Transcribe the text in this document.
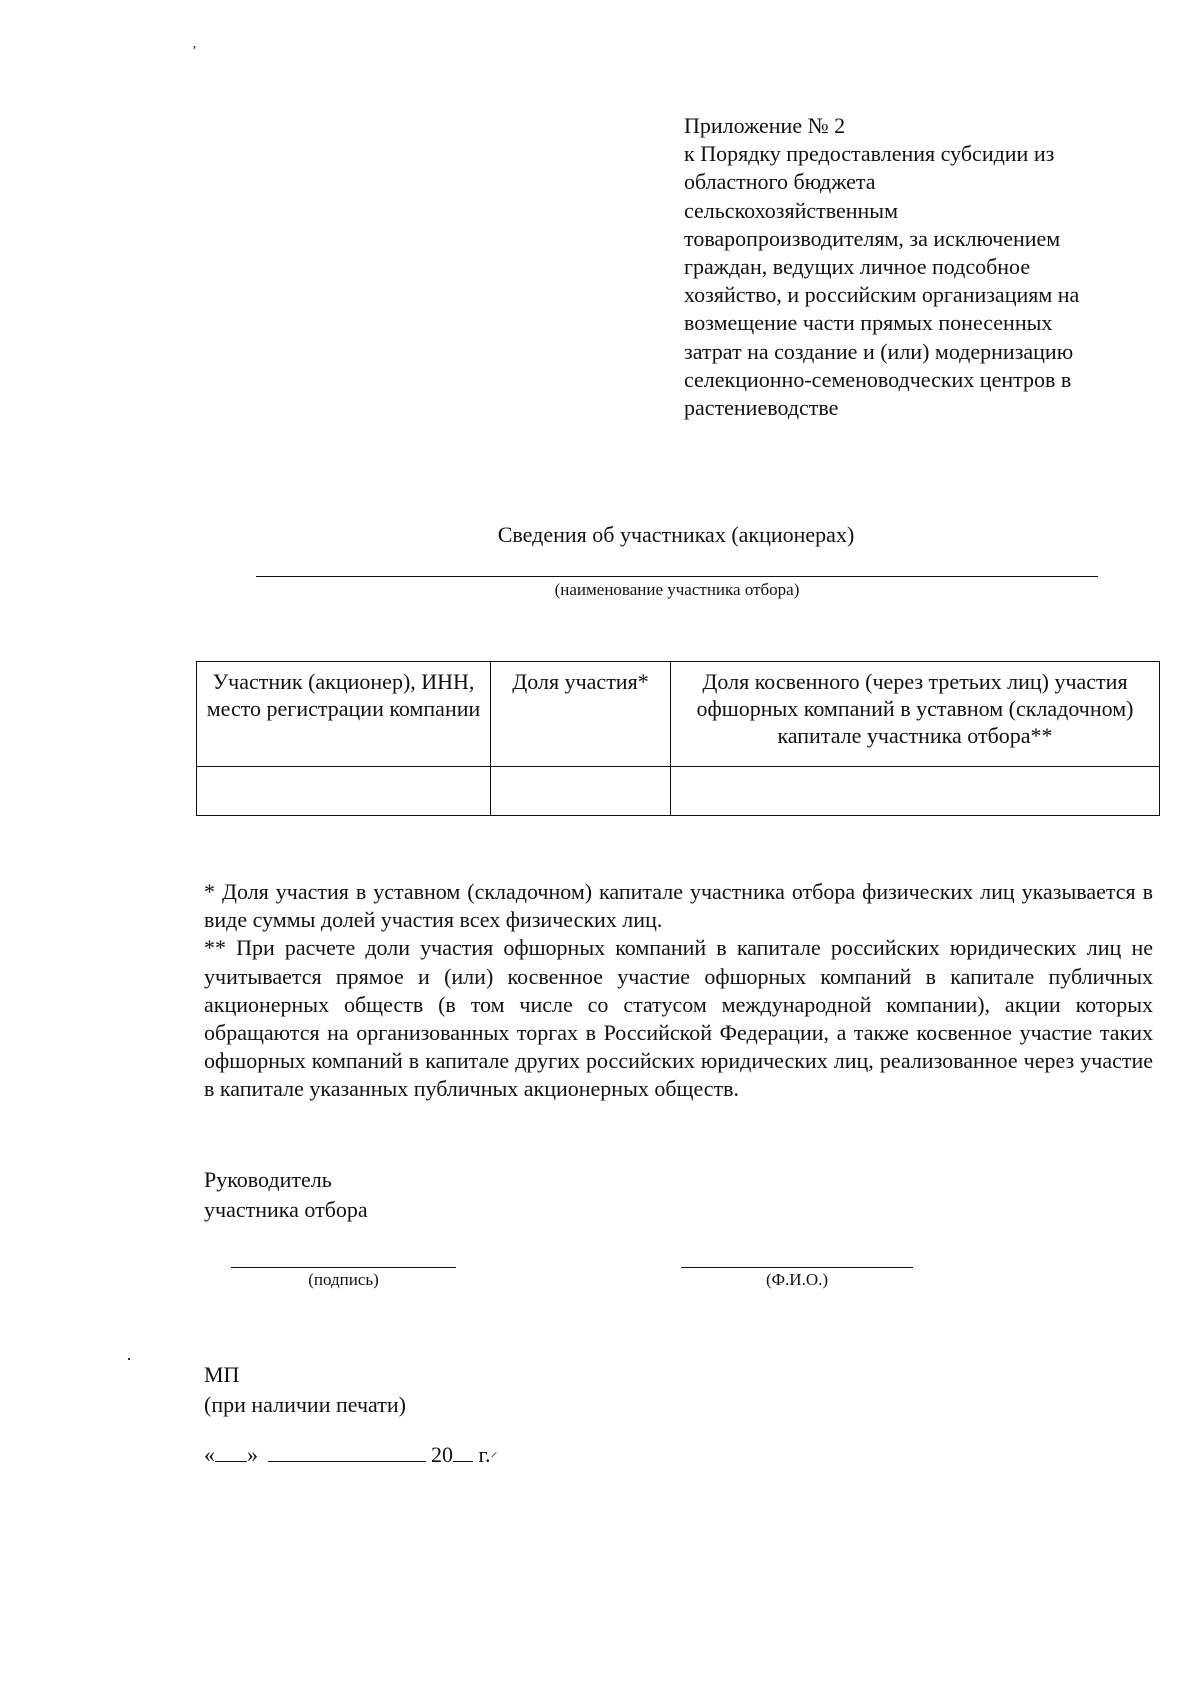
ʼ
Приложение № 2
к Порядку предоставления субсидии из
областного бюджета
сельскохозяйственным
товаропроизводителям, за исключением
граждан, ведущих личное подсобное
хозяйство, и российским организациям на
возмещение части прямых понесенных
затрат на создание и (или) модернизацию
селекционно-семеноводческих центров в
растениеводстве
Сведения об участниках (акционерах)
(наименование участника отбора)
Участник (акционер), ИНН, место регистрации компании	Доля участия*	Доля косвенного (через третьих лиц) участия офшорных компаний в уставном (складочном) капитале участника отбора**

* Доля участия в уставном (складочном) капитале участника отбора физических лиц указывается в виде суммы долей участия всех физических лиц.

** При расчете доли участия офшорных компаний в капитале российских юридических лиц не учитывается прямое и (или) косвенное участие офшорных компаний в капитале публичных акционерных обществ (в том числе со статусом международной компании), акции которых обращаются на организованных торгах в Российской Федерации, а также косвенное участие таких офшорных компаний в капитале других российских юридических лиц, реализованное через участие в капитале указанных публичных акционерных обществ.

Руководитель
участника отбора
(подпись)	(Ф.И.О.)
МП
(при наличии печати)
« »	20 г.⸍
